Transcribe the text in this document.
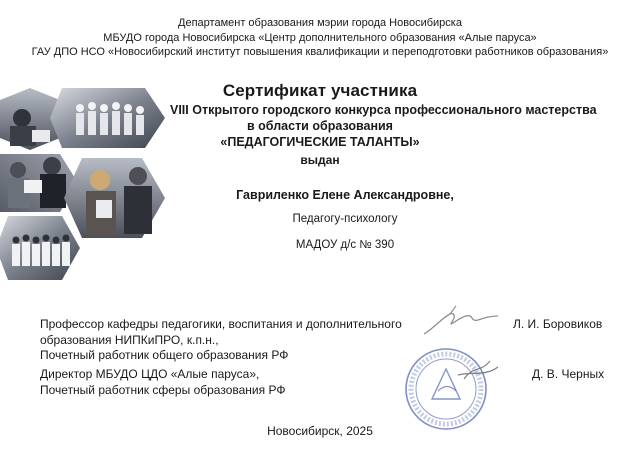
Департамент образования мэрии города Новосибирска
МБУДО города Новосибирска «Центр дополнительного образования «Алые паруса»
ГАУ ДПО НСО «Новосибирский институт повышения квалификации и переподготовки работников образования»
Сертификат участника
VIII Открытого городского конкурса профессионального мастерства
в области образования
«ПЕДАГОГИЧЕСКИЕ ТАЛАНТЫ»
выдан
Гавриленко Елене Александровне,
Педагогу-психологу
МАДОУ д/с № 390
Профессор кафедры педагогики, воспитания и дополнительного
образования НИПКиПРО, к.п.н.,
Почетный работник общего образования РФ
Л. И. Боровиков
Директор МБУДО ЦДО «Алые паруса»,
Почетный работник сферы образования РФ
Д. В. Черных
Новосибирск, 2025
